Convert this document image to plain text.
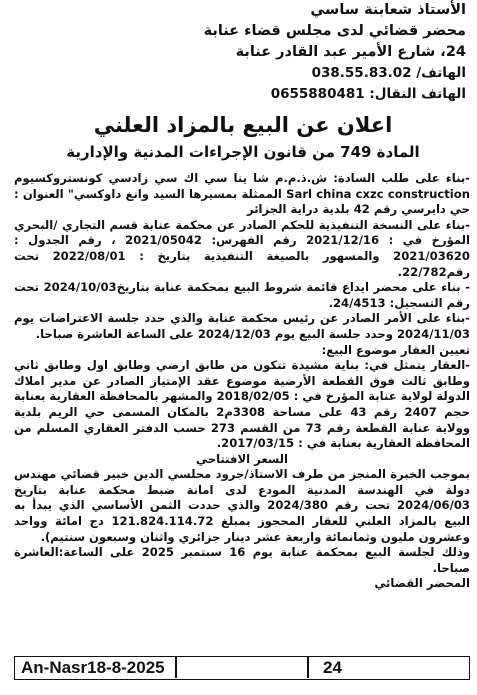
الأستاذ شعابنة ساسي
محضر قضائي لدى مجلس قضاء عنابة
24، شارع الأمير عبد القادر عنابة
الهاتف/ 038.55.83.02
الهاتف النقال: 0655880481
اعلان عن البيع بالمزاد العلني
المادة 749 من قانون الإجراءات المدنية والإدارية

-بناء على طلب السادة: ش.ذ.م.م شا ينا سي اك سي زادسي كونستروكسيوم Sarl china cxzc construction الممثلة بمسيرها السيد وانغ داوكسي" العنوان : حي دايرسي رقم 42 بلدية دراية الجزائر

-بناء على النسخة التنفيذية للحكم الصادر عن محكمة عنابة قسم التجاري /البحري المؤرخ في : 2021/12/16 رقم الفهرس: 2021/05042 ، رقم الجدول : 2021/03620 والمسهور بالصيغة التنفيذية بتاريخ : 2022/08/01 تحت رقم22/782.

- بناء على محضر ايداع قائمة شروط البيع بمحكمة عنابة بتاريخ2024/10/03 تحت رقم التسجيل: 24/4513.

-بناء على الأمر الصادر عن رئيس محكمة عنابة والذي حدد جلسة الاعتراضات يوم 2024/11/03 وحدد جلسة البيع يوم 2024/12/03 على الساعة العاشرة صباحا.

تعيين العقار موضوع البيع:

-العقار يتمثل في: بناية مشيدة تتكون من طابق ارضي وطابق اول وطابق ثاني وطابق ثالث فوق القطعة الأرضية موضوع عقد الإمتياز الصادر عن مدير املاك الدولة لولاية عنابة المؤرخ في : 2018/02/05 والمشهر بالمحافظة العقارية بعنابة حجم 2407 رقم 43 على مساحة 3308م2 بالمكان المسمى حي الريم بلدية وولاية عنابة القطعة رقم 73 من القسم 273 حسب الدفتر العقاري المسلم من المحافظة العقارية بعنابة في : 2017/03/15.

السعر الافتتاحي

بموجب الخبرة المنجز من طرف الاستاذ/جرود محلسي الدين خبير قضائي مهندس دولة في الهندسة المدنية المودع لدى امانة ضبط محكمة عنابة بتاريخ 2024/06/03 تحت رقم 2024/380 والذي حددت الثمن الأساسي الذي يبدأ به البيع بالمزاد العلني للعقار المحجوز بمبلغ 121.824.114.72 دج امائة وواحد وعشرون مليون وثمانمائة واربعة عشر دينار جزائري واثنان وسبعون سنتيم).

وذلك لجلسة البيع بمحكمة عنابة يوم 16 سبتمبر 2025 على الساعة:العاشرة صباحا.

المحضر القضائي

An-Nasr18-8-2025	24
